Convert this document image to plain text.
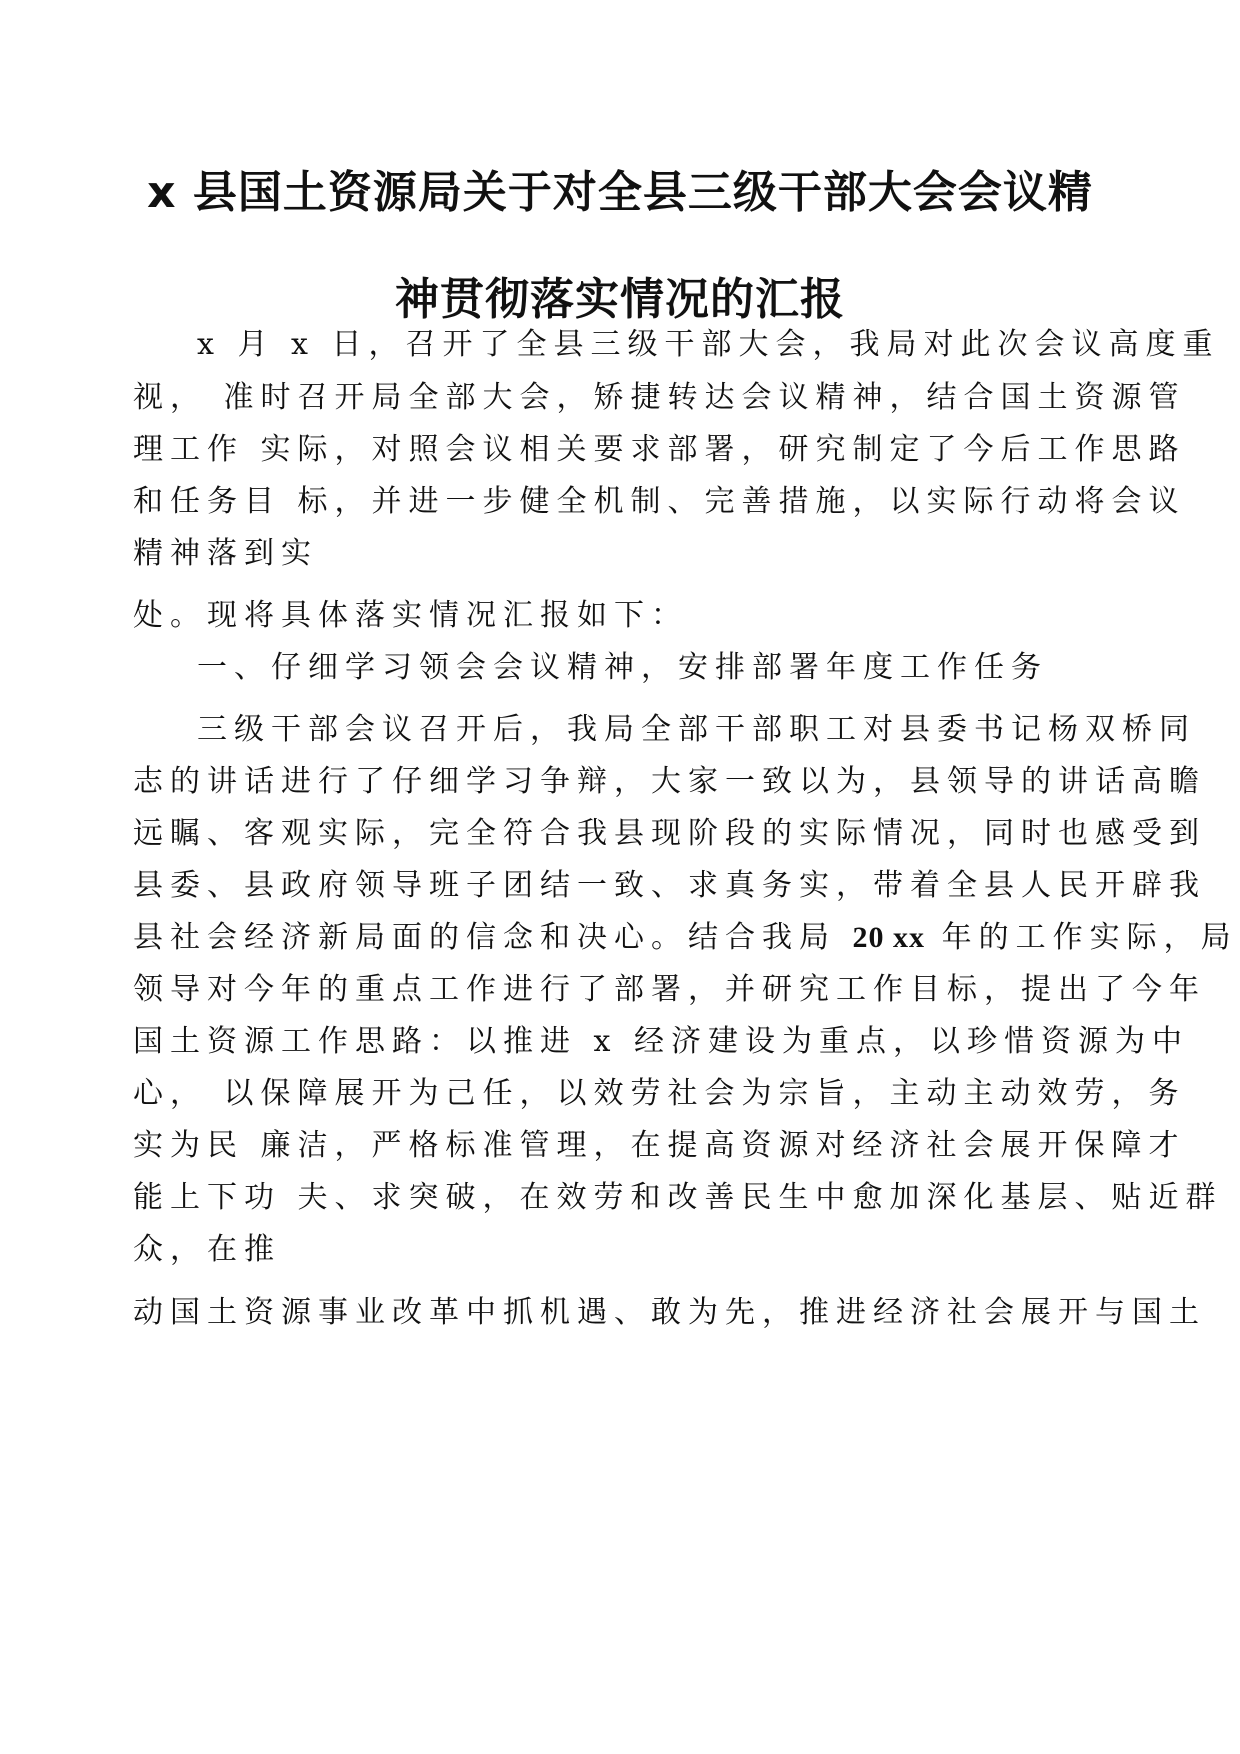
x 县国土资源局关于对全县三级干部大会会议精
神贯彻落实情况的汇报
x 月 x 日，召开了全县三级干部大会，我局对此次会议高度重
视， 准时召开局全部大会，矫捷转达会议精神，结合国土资源管
理工作 实际，对照会议相关要求部署，研究制定了今后工作思路
和任务目 标，并进一步健全机制、完善措施，以实际行动将会议
精神落到实
处。现将具体落实情况汇报如下：
一、仔细学习领会会议精神，安排部署年度工作任务
三级干部会议召开后，我局全部干部职工对县委书记杨双桥同
志的讲话进行了仔细学习争辩，大家一致以为，县领导的讲话高瞻
远瞩、客观实际，完全符合我县现阶段的实际情况，同时也感受到
县委、县政府领导班子团结一致、求真务实，带着全县人民开辟我
县社会经济新局面的信念和决心。结合我局 20 xx 年的工作实际，局
领导对今年的重点工作进行了部署，并研究工作目标，提出了今年
国土资源工作思路：以推进 x 经济建设为重点，以珍惜资源为中
心， 以保障展开为己任，以效劳社会为宗旨，主动主动效劳，务
实为民 廉洁，严格标准管理，在提高资源对经济社会展开保障才
能上下功 夫、求突破，在效劳和改善民生中愈加深化基层、贴近群
众，在推
动国土资源事业改革中抓机遇、敢为先，推进经济社会展开与国土
